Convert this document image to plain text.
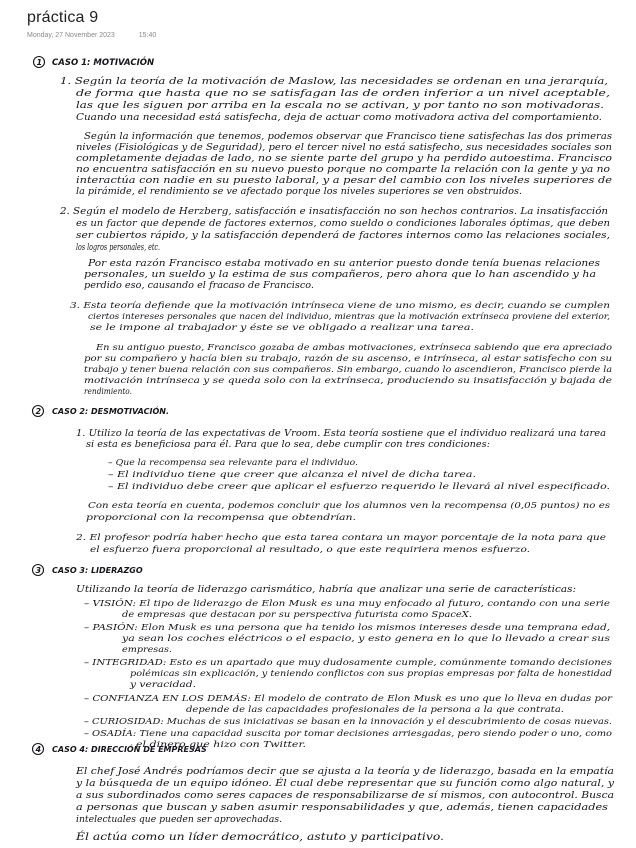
práctica 9
Monday, 27 November 2023	15:40
1 CASO 1: MOTIVACIÓN
1. Según la teoría de la motivación de Maslow, las necesidades se ordenan en una jerarquía,
de forma que hasta que no se satisfagan las de orden inferior a un nivel aceptable,
las que les siguen por arriba en la escala no se activan, y por tanto no son motivadoras.
Cuando una necesidad está satisfecha, deja de actuar como motivadora activa del comportamiento.
Según la información que tenemos, podemos observar que Francisco tiene satisfechas las dos primeras
niveles (Fisiológicas y de Seguridad), pero el tercer nivel no está satisfecho, sus necesidades sociales son
completamente dejadas de lado, no se siente parte del grupo y ha perdido autoestima. Francisco
no encuentra satisfacción en su nuevo puesto porque no comparte la relación con la gente y ya no
interactúa con nadie en su puesto laboral, y a pesar del cambio con los niveles superiores de
la pirámide, el rendimiento se ve afectado porque los niveles superiores se ven obstruidos.
2. Según el modelo de Herzberg, satisfacción e insatisfacción no son hechos contrarios. La insatisfacción
es un factor que depende de factores externos, como sueldo o condiciones laborales óptimas, que deben
ser cubiertos rápido, y la satisfacción dependerá de factores internos como las relaciones sociales,
los logros personales, etc.
Por esta razón Francisco estaba motivado en su anterior puesto donde tenía buenas relaciones
personales, un sueldo y la estima de sus compañeros, pero ahora que lo han ascendido y ha
perdido eso, causando el fracaso de Francisco.
3. Esta teoría defiende que la motivación intrínseca viene de uno mismo, es decir, cuando se cumplen
ciertos intereses personales que nacen del individuo, mientras que la motivación extrínseca proviene del exterior,
se le impone al trabajador y éste se ve obligado a realizar una tarea.
En su antiguo puesto, Francisco gozaba de ambas motivaciones, extrínseca sabiendo que era apreciado
por su compañero y hacía bien su trabajo, razón de su ascenso, e intrínseca, al estar satisfecho con su
trabajo y tener buena relación con sus compañeros. Sin embargo, cuando lo ascendieron, Francisco pierde la
motivación intrínseca y se queda solo con la extrínseca, produciendo su insatisfacción y bajada de
rendimiento.
2 CASO 2: DESMOTIVACIÓN.
1. Utilizo la teoría de las expectativas de Vroom. Esta teoría sostiene que el individuo realizará una tarea
si esta es beneficiosa para él. Para que lo sea, debe cumplir con tres condiciones:
– Que la recompensa sea relevante para el individuo.
– El individuo tiene que creer que alcanza el nivel de dicha tarea.
– El individuo debe creer que aplicar el esfuerzo requerido le llevará al nivel especificado.
Con esta teoría en cuenta, podemos concluir que los alumnos ven la recompensa (0,05 puntos) no es
proporcional con la recompensa que obtendrían.
2. El profesor podría haber hecho que esta tarea contara un mayor porcentaje de la nota para que
el esfuerzo fuera proporcional al resultado, o que este requiriera menos esfuerzo.
3 CASO 3: LIDERAZGO
Utilizando la teoría de liderazgo carismático, habría que analizar una serie de características:
– VISIÓN: El tipo de liderazgo de Elon Musk es una muy enfocado al futuro, contando con una serie
de empresas que destacan por su perspectiva futurista como SpaceX.
– PASIÓN: Elon Musk es una persona que ha tenido los mismos intereses desde una temprana edad,
ya sean los coches eléctricos o el espacio, y esto genera en lo que lo llevado a crear sus
empresas.
– INTEGRIDAD: Esto es un apartado que muy dudosamente cumple, comúnmente tomando decisiones
polémicas sin explicación, y teniendo conflictos con sus propias empresas por falta de honestidad
y veracidad.
– CONFIANZA EN LOS DEMÁS: El modelo de contrato de Elon Musk es uno que lo lleva en dudas por
depende de las capacidades profesionales de la persona a la que contrata.
– CURIOSIDAD: Muchas de sus iniciativas se basan en la innovación y el descubrimiento de cosas nuevas.
– OSADÍA: Tiene una capacidad suscita por tomar decisiones arriesgadas, pero siendo poder o uno, como
el dinero que hizo con Twitter.
4 CASO 4: DIRECCIÓN DE EMPRESAS
El chef José Andrés podríamos decir que se ajusta a la teoría y de liderazgo, basada en la empatía
y la búsqueda de un equipo idóneo. Él cual debe representar que su función como algo natural, y
a sus subordinados como seres capaces de responsabilizarse de sí mismos, con autocontrol. Busca
a personas que buscan y saben asumir responsabilidades y que, además, tienen capacidades
intelectuales que pueden ser aprovechadas.
Él actúa como un líder democrático, astuto y participativo.
